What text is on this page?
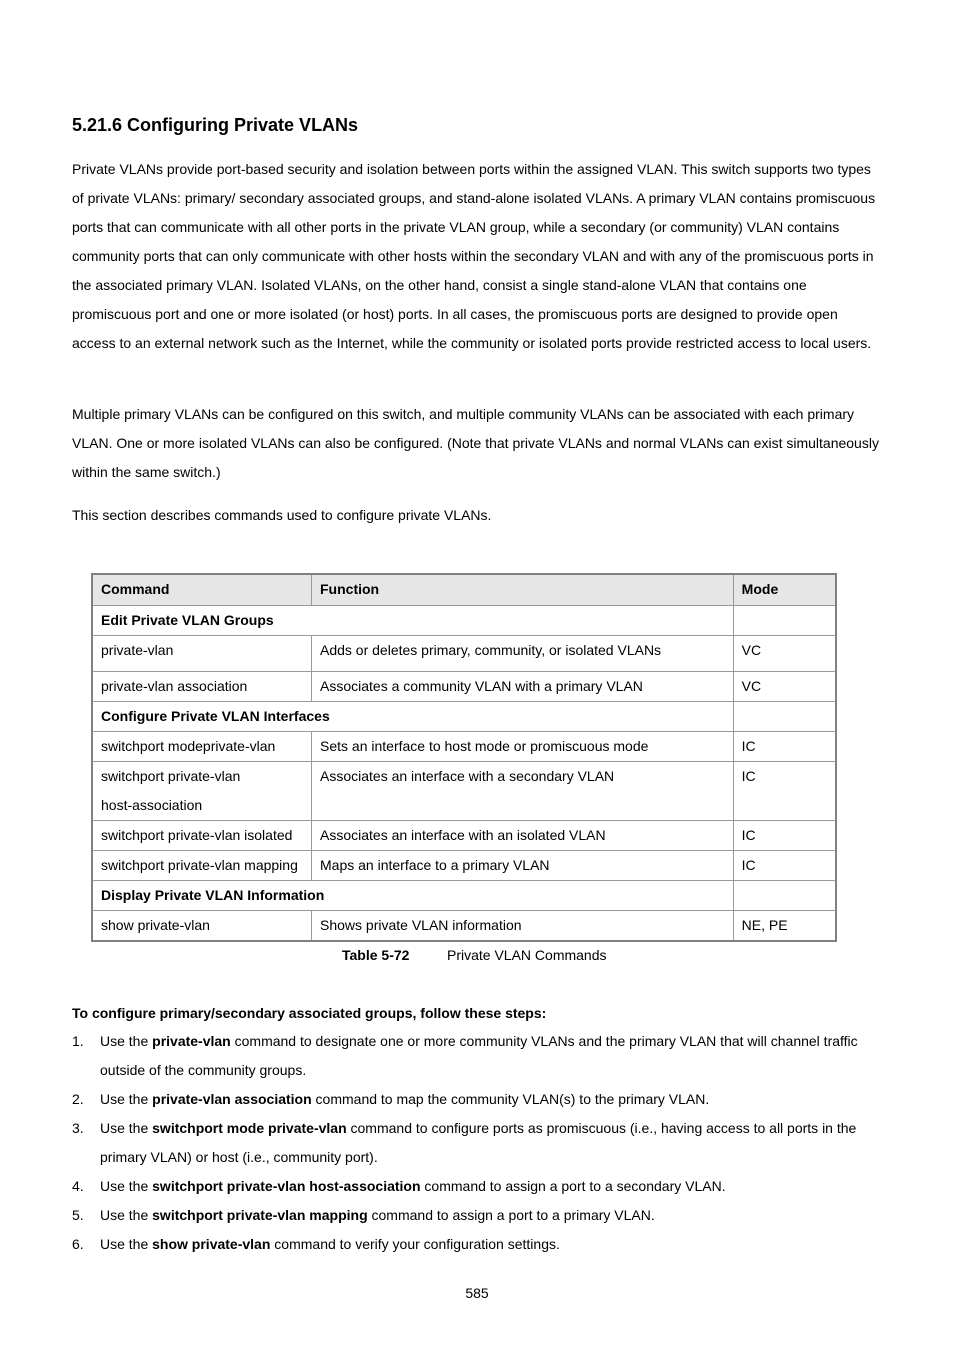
5.21.6 Configuring Private VLANs

Private VLANs provide port-based security and isolation between ports within the assigned VLAN. This switch supports two types of private VLANs: primary/ secondary associated groups, and stand-alone isolated VLANs. A primary VLAN contains promiscuous ports that can communicate with all other ports in the private VLAN group, while a secondary (or community) VLAN contains community ports that can only communicate with other hosts within the secondary VLAN and with any of the promiscuous ports in the associated primary VLAN. Isolated VLANs, on the other hand, consist a single stand-alone VLAN that contains one promiscuous port and one or more isolated (or host) ports. In all cases, the promiscuous ports are designed to provide open access to an external network such as the Internet, while the community or isolated ports provide restricted access to local users.

Multiple primary VLANs can be configured on this switch, and multiple community VLANs can be associated with each primary VLAN. One or more isolated VLANs can also be configured. (Note that private VLANs and normal VLANs can exist simultaneously within the same switch.)

This section describes commands used to configure private VLANs.

Command	Function	Mode
Edit Private VLAN Groups		
private-vlan	Adds or deletes primary, community, or isolated VLANs	VC
private-vlan association	Associates a community VLAN with a primary VLAN	VC
Configure Private VLAN Interfaces		
switchport modeprivate-vlan	Sets an interface to host mode or promiscuous mode	IC
switchport private-vlan
host-association	Associates an interface with a secondary VLAN	IC
switchport private-vlan isolated	Associates an interface with an isolated VLAN	IC
switchport private-vlan mapping	Maps an interface to a primary VLAN	IC
Display Private VLAN Information		
show private-vlan	Shows private VLAN information	NE, PE
Table 5-72	Private VLAN Commands
To configure primary/secondary associated groups, follow these steps:
1. Use the private-vlan command to designate one or more community VLANs and the primary VLAN that will channel traffic outside of the community groups.
2. Use the private-vlan association command to map the community VLAN(s) to the primary VLAN.
3. Use the switchport mode private-vlan command to configure ports as promiscuous (i.e., having access to all ports in the primary VLAN) or host (i.e., community port).
4. Use the switchport private-vlan host-association command to assign a port to a secondary VLAN.
5. Use the switchport private-vlan mapping command to assign a port to a primary VLAN.
6. Use the show private-vlan command to verify your configuration settings.
585
